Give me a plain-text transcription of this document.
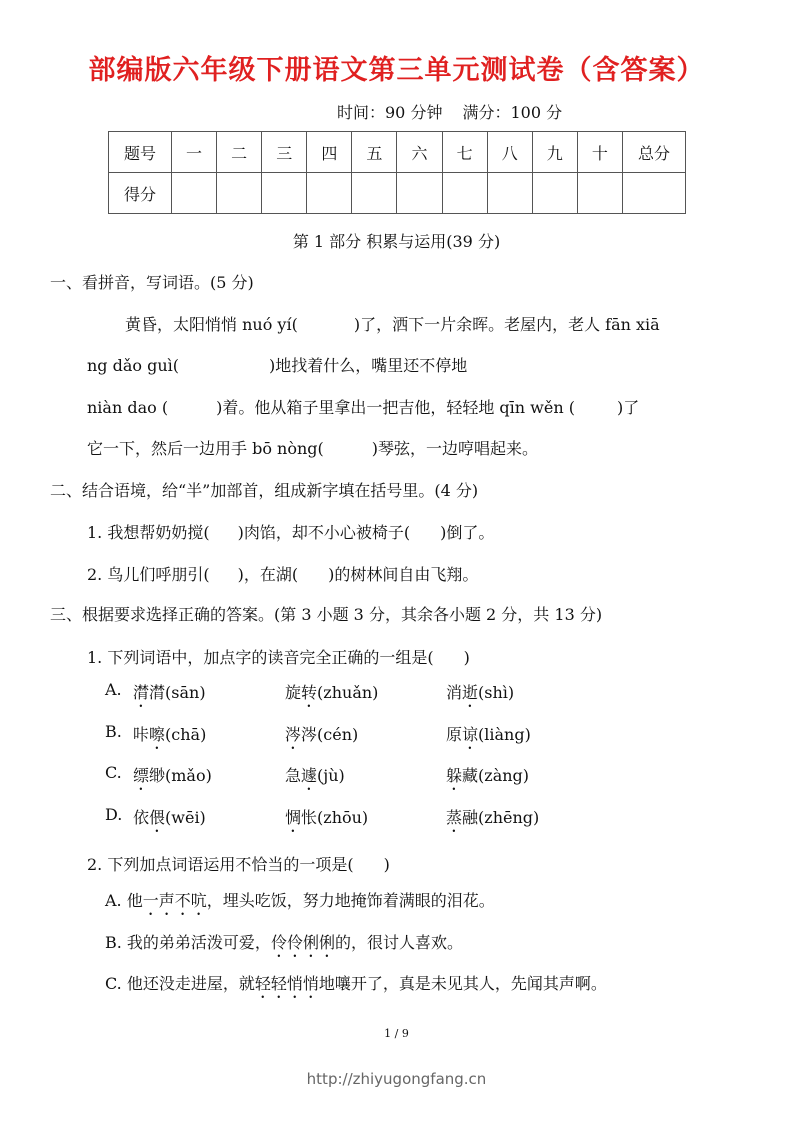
部编版六年级下册语文第三单元测试卷（含答案）
时间：90 分钟 满分：100 分
题号	一	二	三	四	五	六	七	八	九	十	总分
得分											
第 1 部分 积累与运用(39 分)
一、看拼音，写词语。(5 分)
黄昏，太阳悄悄 nuó yí(	)了，洒下一片余晖。老屋内，老人 fān xiā
ng dǎo guì(	)地找着什么，嘴里还不停地
niàn dao (	)着。他从箱子里拿出一把吉他，轻轻地 qīn wěn (	)了
它一下，然后一边用手 bō nòng(	)琴弦，一边哼唱起来。
二、结合语境，给“半”加部首，组成新字填在括号里。(4 分)
1. 我想帮奶奶搅( )肉馅，却不小心被椅子( )倒了。
2. 鸟儿们呼朋引( )，在湖( )的树林间自由飞翔。
三、根据要求选择正确的答案。(第 3 小题 3 分，其余各小题 2 分，共 13 分)
1. 下列词语中，加点字的读音完全正确的一组是( )
A. 潸潸(sān)	旋转(zhuǎn)	消逝(shì)
B. 咔嚓(chā)	涔涔(cén)	原谅(liàng)
C. 缥缈(mǎo)	急遽(jù)	躲藏(zàng)
D. 依偎(wēi)	惆怅(zhōu)	蒸融(zhēng)
2. 下列加点词语运用不恰当的一项是( )
A. 他一声不吭，埋头吃饭，努力地掩饰着满眼的泪花。
B. 我的弟弟活泼可爱，伶伶俐俐的，很讨人喜欢。
C. 他还没走进屋，就轻轻悄悄地嚷开了，真是未见其人，先闻其声啊。
1 / 9
http://zhiyugongfang.cn
